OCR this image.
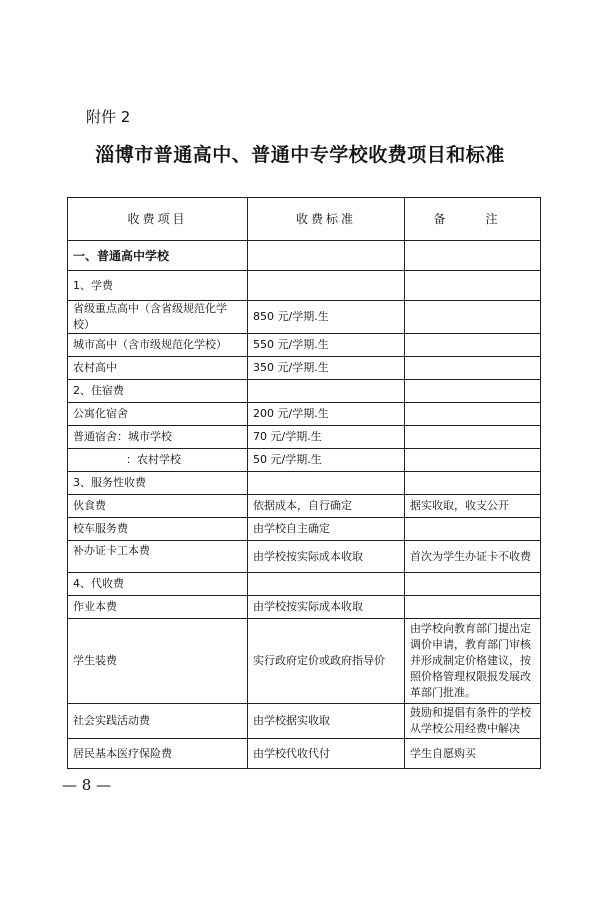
附件 2
淄博市普通高中、普通中专学校收费项目和标准
收费项目	收费标准	备　注
一、普通高中学校		
1、学费		
省级重点高中（含省级规范化学校）	850 元/学期.生	
城市高中（含市级规范化学校）	550 元/学期.生	
农村高中	350 元/学期.生	
2、住宿费		
公寓化宿舍	200 元/学期.生	
普通宿舍：城市学校	70 元/学期.生	
：农村学校	50 元/学期.生	
3、服务性收费		
伙食费	依据成本，自行确定	据实收取，收支公开
校车服务费	由学校自主确定	
补办证卡工本费	由学校按实际成本收取	首次为学生办证卡不收费
4、代收费		
作业本费	由学校按实际成本收取	
学生装费	实行政府定价或政府指导价	由学校向教育部门提出定调价申请，教育部门审核并形成制定价格建议，按照价格管理权限报发展改革部门批准。
社会实践活动费	由学校据实收取	鼓励和提倡有条件的学校从学校公用经费中解决
居民基本医疗保险费	由学校代收代付	学生自愿购买
— 8 —
